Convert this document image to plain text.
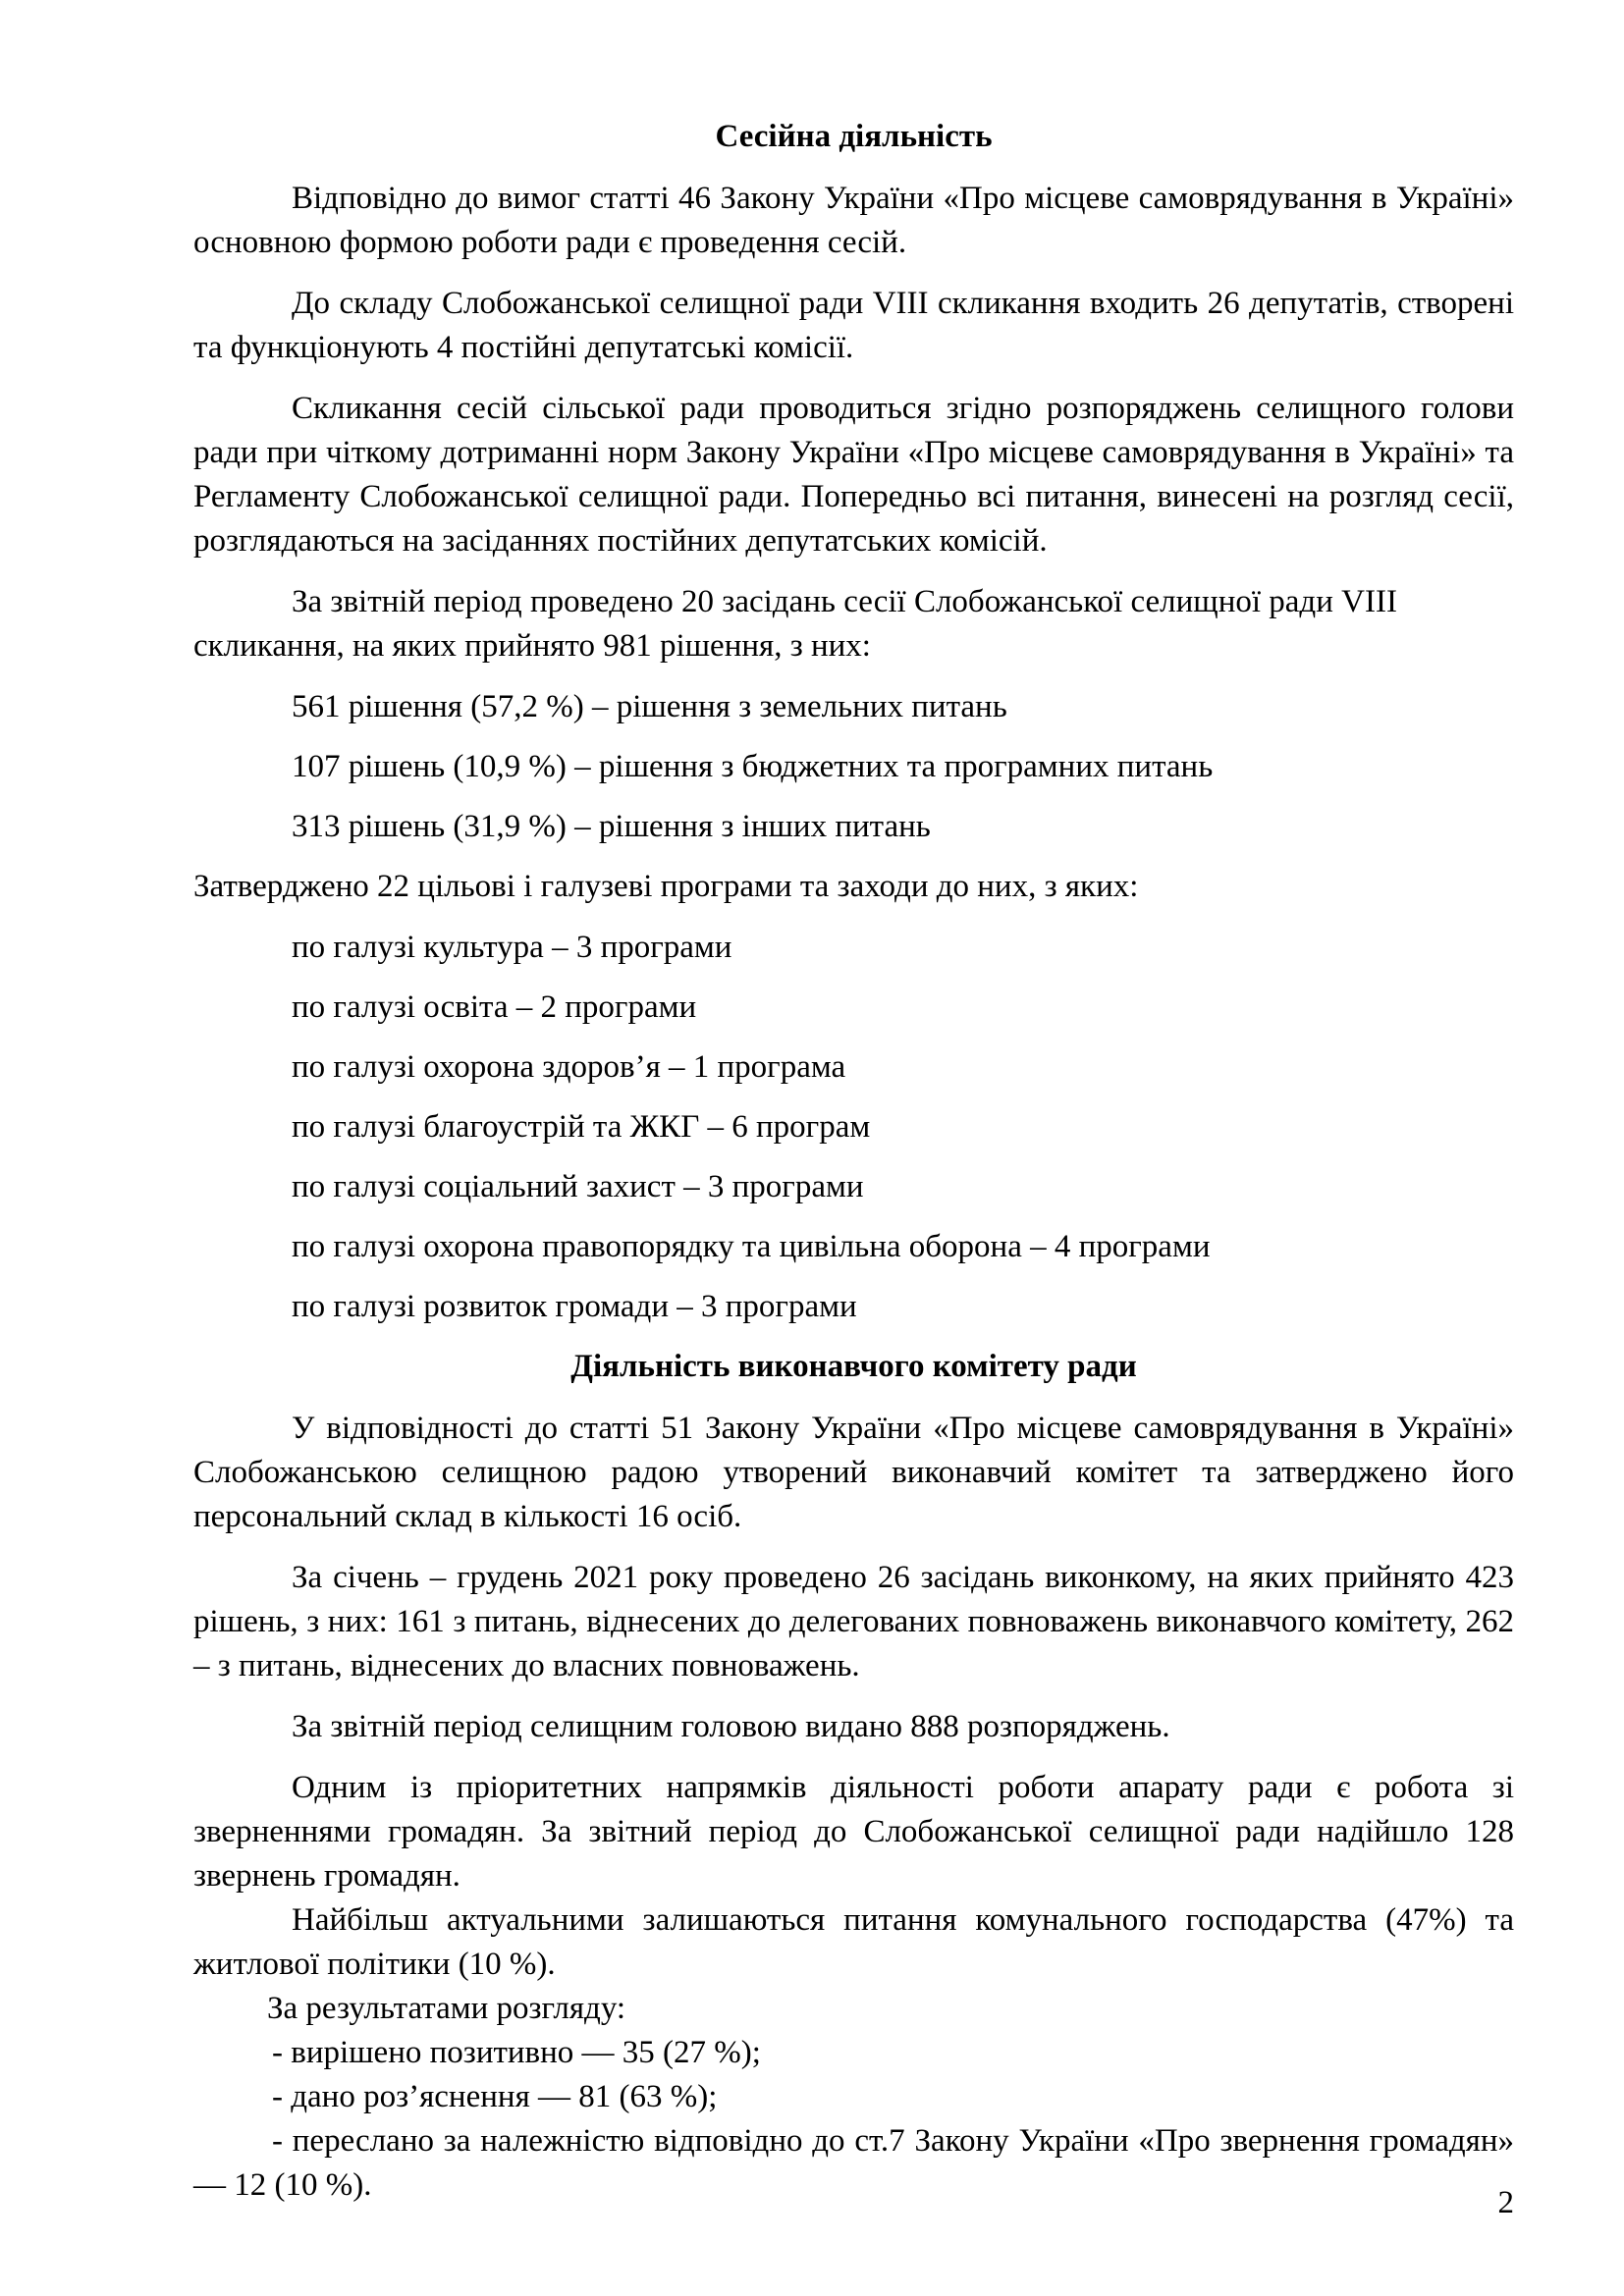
Сесійна діяльність

Відповідно до вимог статті 46 Закону України «Про місцеве самоврядування в Україні» основною формою роботи ради є проведення сесій.

До складу Слобожанської селищної ради VIII скликання входить 26 депутатів, створені та функціонують 4 постійні депутатські комісії.

Скликання сесій сільської ради проводиться згідно розпоряджень селищного голови ради при чіткому дотриманні норм Закону України «Про місцеве самоврядування в Україні» та Регламенту Слобожанської селищної ради. Попередньо всі питання, винесені на розгляд сесії, розглядаються на засіданнях постійних депутатських комісій.

За звітній період проведено 20 засідань сесії Слобожанської селищної ради VIII скликання, на яких прийнято 981 рішення, з них:

561 рішення (57,2 %) – рішення з земельних питань

107 рішень (10,9 %) – рішення з бюджетних та програмних питань

313 рішень (31,9 %) – рішення з інших питань

Затверджено 22 цільові і галузеві програми та заходи до них, з яких:

по галузі культура – 3 програми

по галузі освіта – 2 програми

по галузі охорона здоров’я – 1 програма

по галузі благоустрій та ЖКГ – 6 програм

по галузі соціальний захист – 3 програми

по галузі охорона правопорядку та цивільна оборона – 4 програми

по галузі розвиток громади – 3 програми

Діяльність виконавчого комітету ради

У відповідності до статті 51 Закону України «Про місцеве самоврядування в Україні» Слобожанською селищною радою утворений виконавчий комітет та затверджено його персональний склад в кількості 16 осіб.

За січень – грудень 2021 року проведено 26 засідань виконкому, на яких прийнято 423 рішень, з них: 161 з питань, віднесених до делегованих повноважень виконавчого комітету, 262 – з питань, віднесених до власних повноважень.

За звітній період селищним головою видано 888 розпоряджень.

Одним із пріоритетних напрямків діяльності роботи апарату ради є робота зі зверненнями громадян. За звітний період до Слобожанської селищної ради надійшло 128 звернень громадян.

Найбільш актуальними залишаються питання комунального господарства (47%) та житлової політики (10 %).

За результатами розгляду:

- вирішено позитивно — 35 (27 %);

- дано роз’яснення — 81 (63 %);

- переслано за належністю відповідно до ст.7 Закону України «Про звернення громадян» — 12 (10 %).	2
